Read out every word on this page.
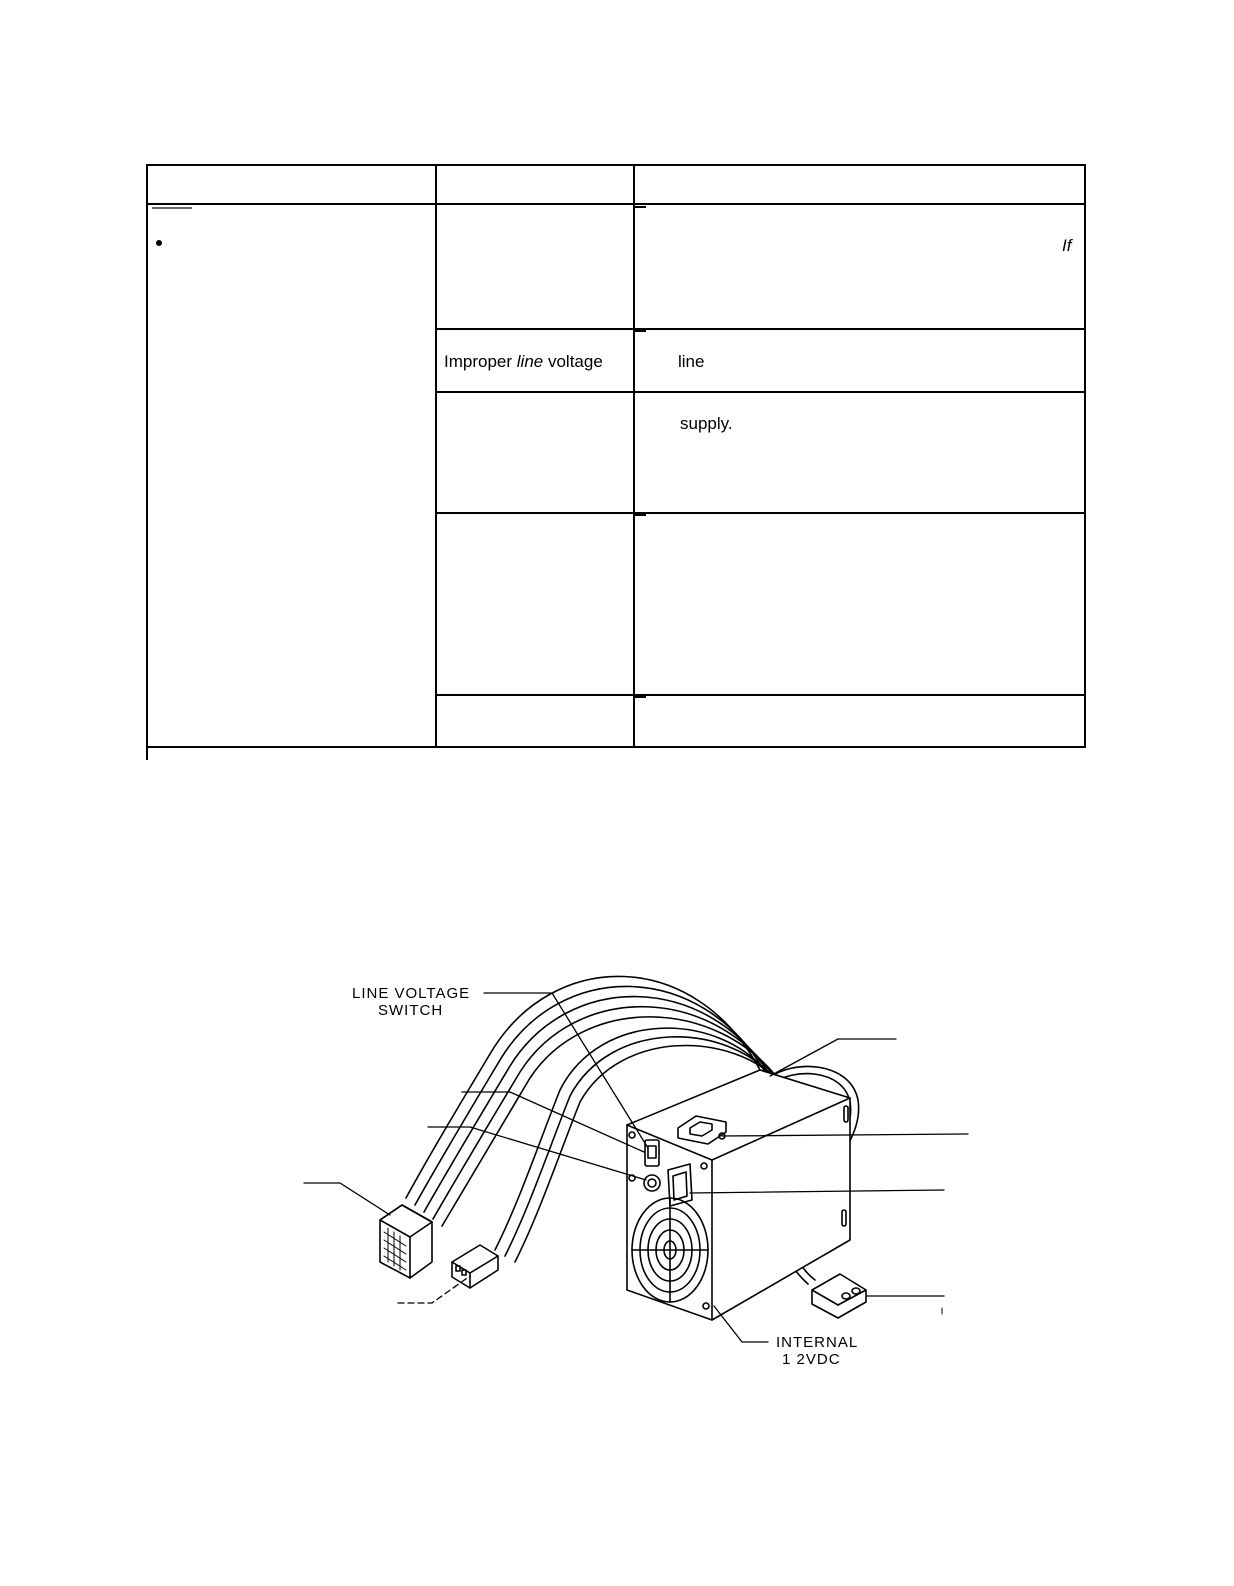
Improper line voltage
If
line
supply.
LINE VOLTAGE
SWITCH
INTERNAL
1 2VDC
